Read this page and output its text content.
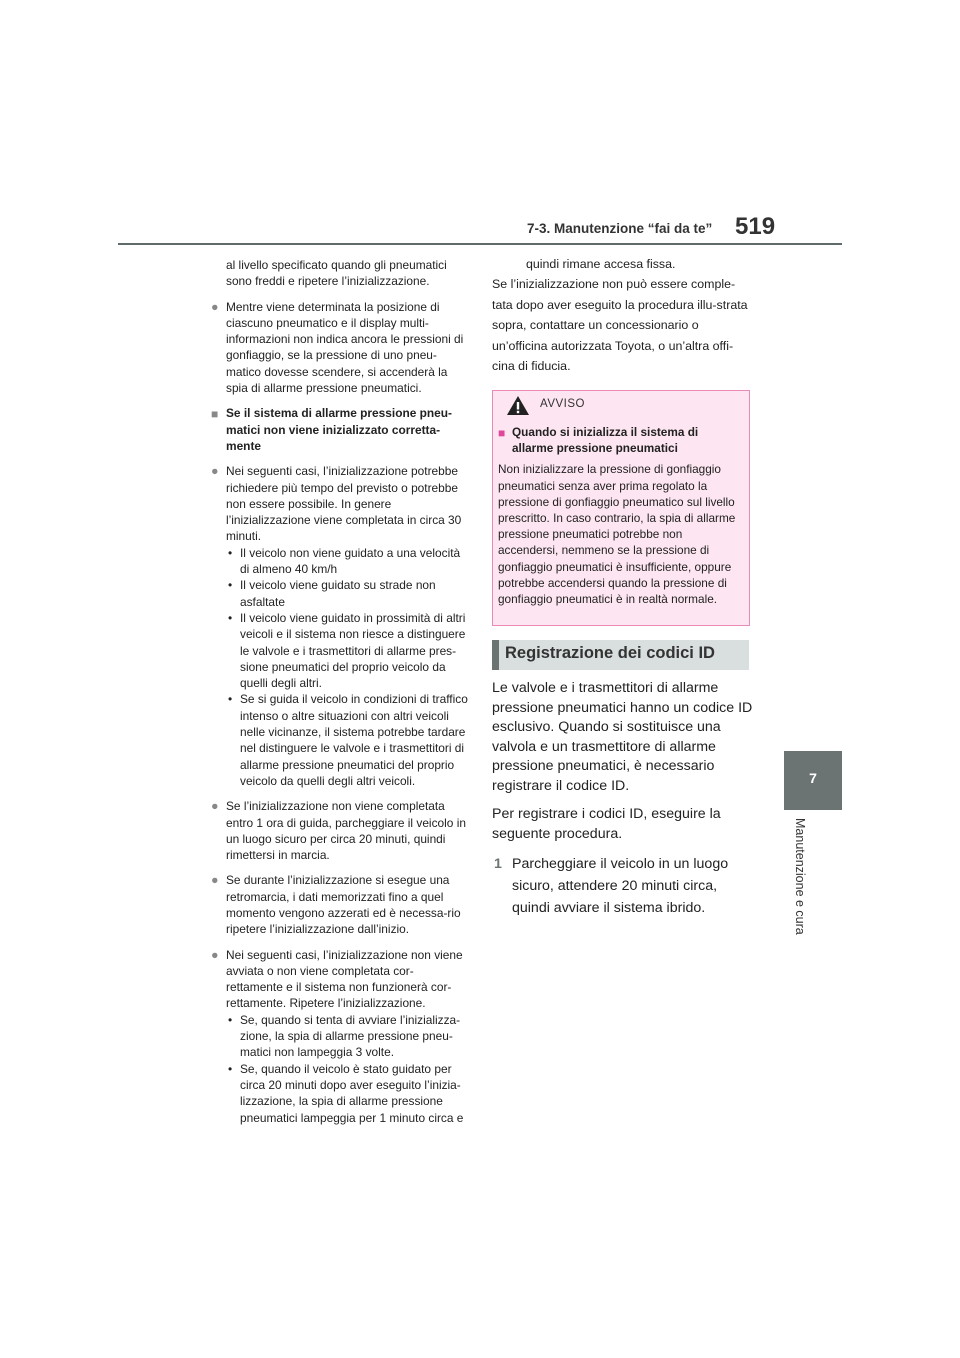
7-3. Manutenzione “fai da te” 519
7
Manutenzione e cura

al livello specificato quando gli pneumatici sono freddi e ripetere l’inizializzazione.

● Mentre viene determinata la posizione di ciascuno pneumatico e il display multi-informazioni non indica ancora le pressioni di gonfiaggio, se la pressione di uno pneu-matico dovesse scendere, si accenderà la spia di allarme pressione pneumatici.
■ Se il sistema di allarme pressione pneu-matici non viene inizializzato corretta-mente
● Nei seguenti casi, l’inizializzazione potrebbe richiedere più tempo del previsto o potrebbe non essere possibile. In genere l’inizializzazione viene completata in circa 30 minuti.
• Il veicolo non viene guidato a una velocità di almeno 40 km/h
• Il veicolo viene guidato su strade non asfaltate
• Il veicolo viene guidato in prossimità di altri veicoli e il sistema non riesce a distinguere le valvole e i trasmettitori di allarme pres-sione pneumatici del proprio veicolo da quelli degli altri.
• Se si guida il veicolo in condizioni di traffico intenso o altre situazioni con altri veicoli nelle vicinanze, il sistema potrebbe tardare nel distinguere le valvole e i trasmettitori di allarme pressione pneumatici del proprio veicolo da quelli degli altri veicoli.
● Se l’inizializzazione non viene completata entro 1 ora di guida, parcheggiare il veicolo in un luogo sicuro per circa 20 minuti, quindi rimettersi in marcia.
● Se durante l’inizializzazione si esegue una retromarcia, i dati memorizzati fino a quel momento vengono azzerati ed è necessa-rio ripetere l’inizializzazione dall’inizio.
● Nei seguenti casi, l’inizializzazione non viene avviata o non viene completata cor-rettamente e il sistema non funzionerà cor-rettamente. Ripetere l’inizializzazione.
• Se, quando si tenta di avviare l’inizializza-zione, la spia di allarme pressione pneu-matici non lampeggia 3 volte.
• Se, quando il veicolo è stato guidato per circa 20 minuti dopo aver eseguito l’inizia-lizzazione, la spia di allarme pressione pneumatici lampeggia per 1 minuto circa e

quindi rimane accesa fissa.

Se l’inizializzazione non può essere comple-tata dopo aver eseguito la procedura illu-strata sopra, contattare un concessionario o un’officina autorizzata Toyota, o un’altra offi-cina di fiducia.

AVVISO

■ Quando si inizializza il sistema di allarme pressione pneumatici

Non inizializzare la pressione di gonfiaggio pneumatici senza aver prima regolato la pressione di gonfiaggio pneumatico sul livello prescritto. In caso contrario, la spia di allarme pressione pneumatici potrebbe non accendersi, nemmeno se la pressione di gonfiaggio pneumatici è insufficiente, oppure potrebbe accendersi quando la pressione di gonfiaggio pneumatici è in realtà normale.

Registrazione dei codici ID

Le valvole e i trasmettitori di allarme pressione pneumatici hanno un codice ID esclusivo. Quando si sostituisce una valvola e un trasmettitore di allarme pressione pneumatici, è necessario registrare il codice ID.

Per registrare i codici ID, eseguire la seguente procedura.

1 Parcheggiare il veicolo in un luogo sicuro, attendere 20 minuti circa, quindi avviare il sistema ibrido.
